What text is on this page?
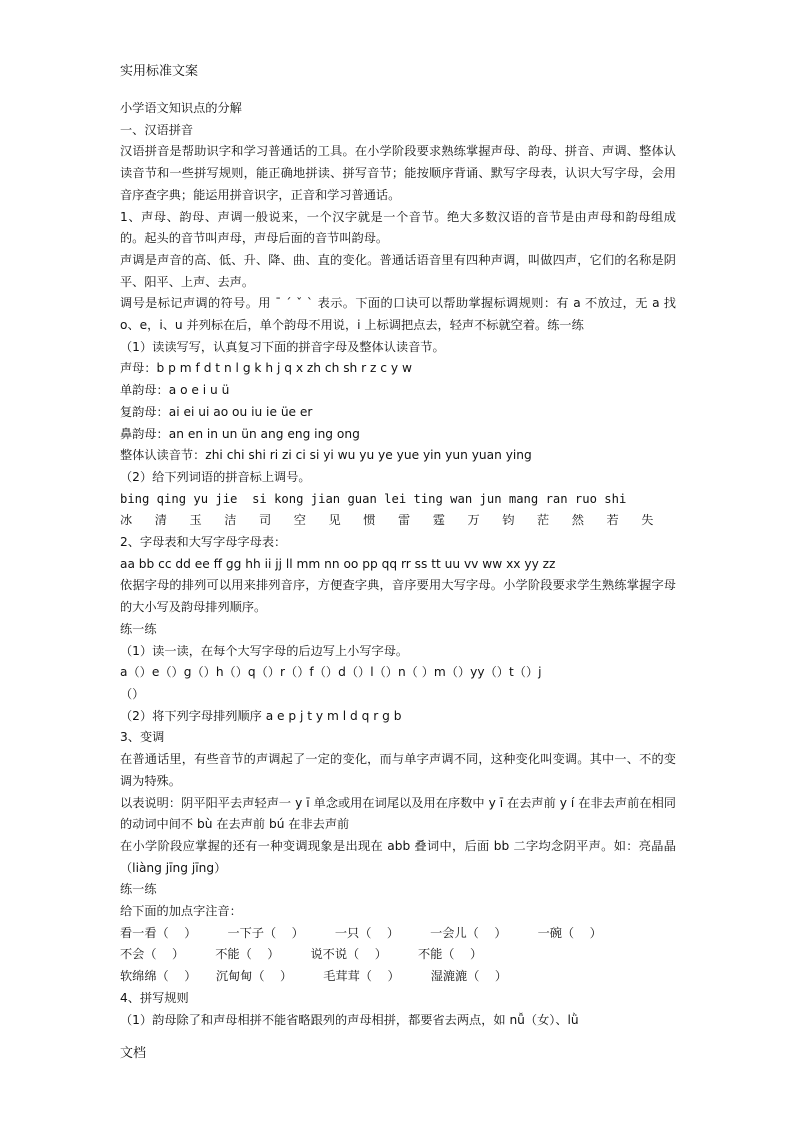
实用标准文案

小学语文知识点的分解

一、汉语拼音

汉语拼音是帮助识字和学习普通话的工具。在小学阶段要求熟练掌握声母、韵母、拼音、声调、整体认读音节和一些拼写规则，能正确地拼读、拼写音节；能按顺序背诵、默写字母表，认识大写字母，会用音序查字典；能运用拼音识字，正音和学习普通话。

1、声母、韵母、声调一般说来，一个汉字就是一个音节。绝大多数汉语的音节是由声母和韵母组成的。起头的音节叫声母，声母后面的音节叫韵母。

声调是声音的高、低、升、降、曲、直的变化。普通话语音里有四种声调，叫做四声，它们的名称是阴平、阳平、上声、去声。

调号是标记声调的符号。用 ˉ ˊ ˇ ˋ 表示。下面的口诀可以帮助掌握标调规则：有 a 不放过，无 a 找 o、e，i、u 并列标在后，单个韵母不用说，i 上标调把点去，轻声不标就空着。练一练

（1）读读写写，认真复习下面的拼音字母及整体认读音节。

声母：b p m f d t n l g k h j q x zh ch sh r z c y w

单韵母：a o e i u ü

复韵母：ai ei ui ao ou iu ie üe er

鼻韵母：an en in un ün ang eng ing ong

整体认读音节：zhi chi shi ri zi ci si yi wu yu ye yue yin yun yuan ying

（2）给下列词语的拼音标上调号。

bing qing yu jie  si kong jian guan lei ting wan jun mang ran ruo shi

冰	清	玉	洁	司	空	见	惯	雷	霆	万	钧	茫	然	若	失

2、字母表和大写字母字母表：

aa bb cc dd ee ff gg hh ii jj ll mm nn oo pp qq rr ss tt uu vv ww xx yy zz

依据字母的排列可以用来排列音序，方便查字典，音序要用大写字母。小学阶段要求学生熟练掌握字母的大小写及韵母排列顺序。

练一练

（1）读一读，在每个大写字母的后边写上小写字母。

a（）e（）g（）h（）q（）r（）f（）d（）l（）n（ ）m（）yy（）t（）j

（）

（2）将下列字母排列顺序 a e p j t y m l d q r g b

3、变调

在普通话里，有些音节的声调起了一定的变化，而与单字声调不同，这种变化叫变调。其中一、不的变调为特殊。

以表说明：阴平阳平去声轻声一 y ī 单念或用在词尾以及用在序数中 y ī 在去声前 y í 在非去声前在相同的动词中间不 bù 在去声前 bú 在非去声前

在小学阶段应掌握的还有一种变调现象是出现在 abb 叠词中，后面 bb 二字均念阴平声。如：亮晶晶（liàng jīng jīng）

练一练

给下面的加点字注音：

看一看（    ）	一下子（    ）	一只（    ）	一会儿（    ）	一碗（    ）

不会（    ）	不能（    ）	说不说（    ）	不能（    ）

软绵绵（    ） 沉甸甸（    ）	毛茸茸（    ）	湿漉漉（    ）

4、拼写规则

（1）韵母除了和声母相拼不能省略跟列的声母相拼，都要省去两点，如 nǚ（女）、lǜ

文档
